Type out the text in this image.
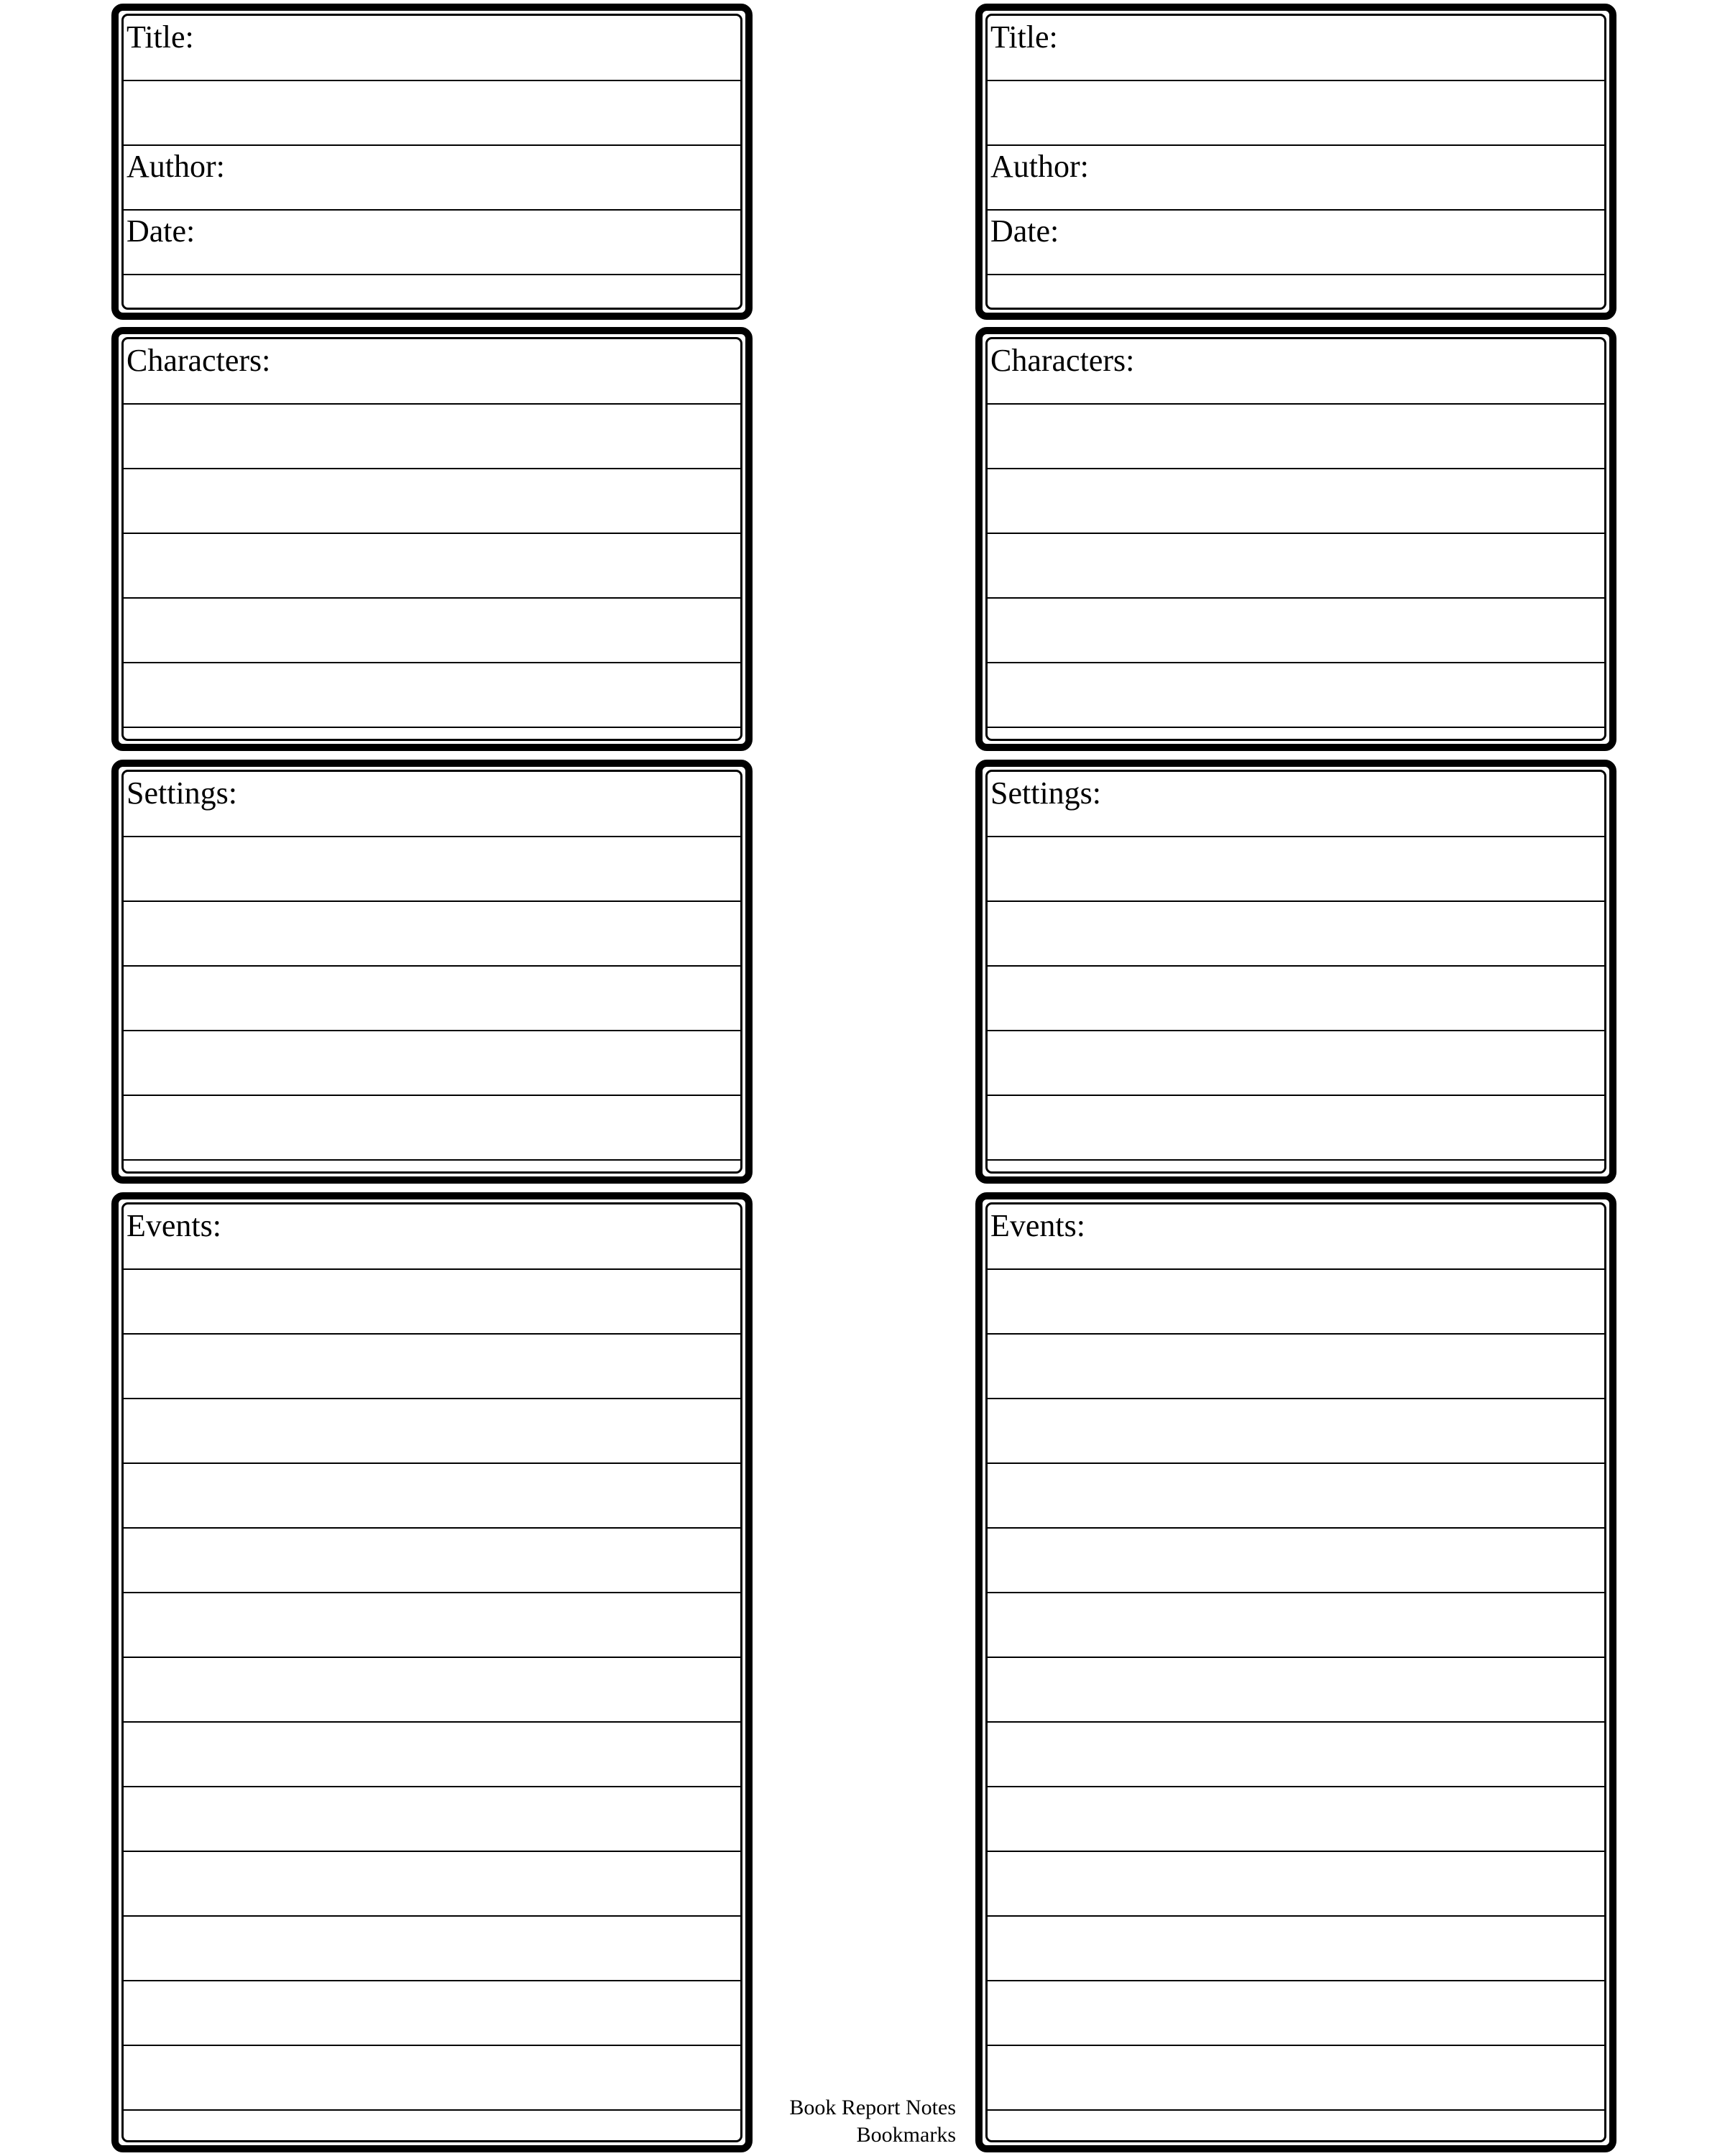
Title:
Author:
Date:
Characters:
Settings:
Events:
Title:
Author:
Date:
Characters:
Settings:
Events:
Book Report Notes
Bookmarks
